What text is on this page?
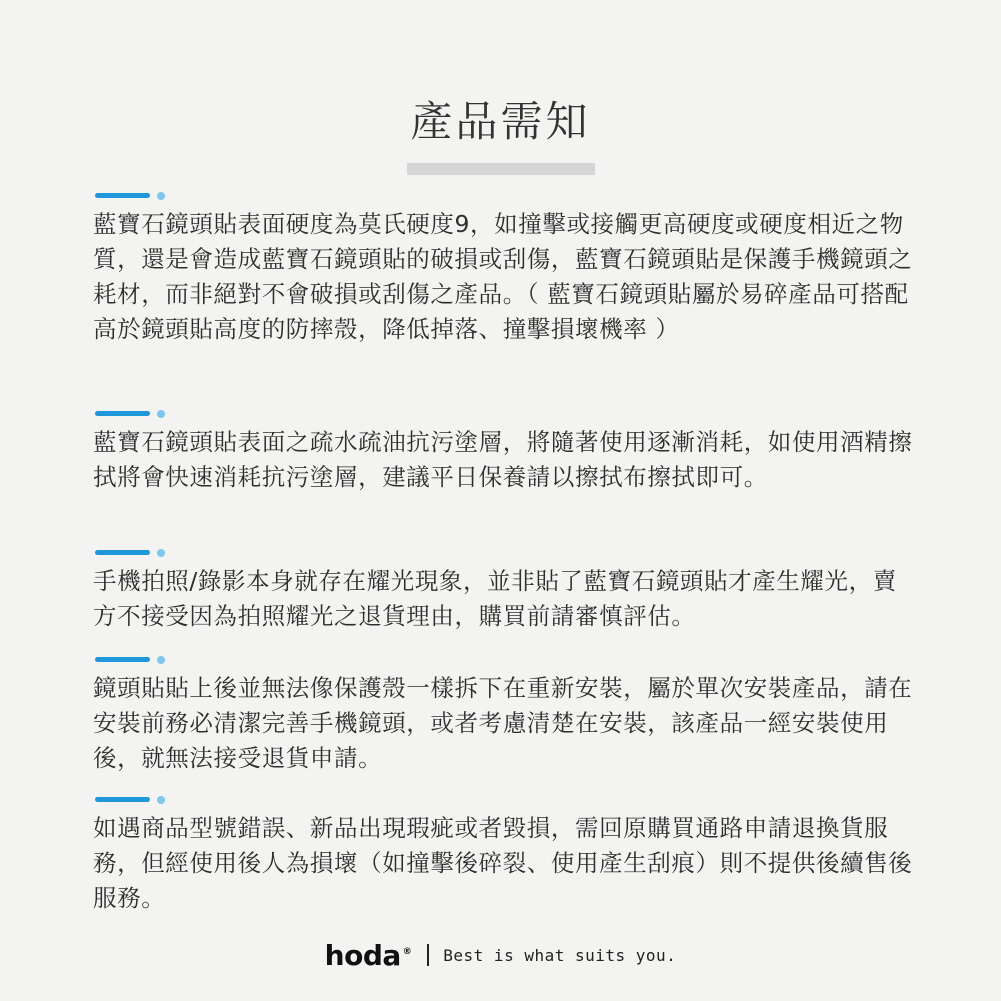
產品需知
藍寶石鏡頭貼表面硬度為莫氏硬度9，如撞擊或接觸更高硬度或硬度相近之物質，還是會造成藍寶石鏡頭貼的破損或刮傷，藍寶石鏡頭貼是保護手機鏡頭之耗材，而非絕對不會破損或刮傷之產品。（ 藍寶石鏡頭貼屬於易碎產品可搭配高於鏡頭貼高度的防摔殼，降低掉落、撞擊損壞機率 ）
藍寶石鏡頭貼表面之疏水疏油抗污塗層，將隨著使用逐漸消耗，如使用酒精擦拭將會快速消耗抗污塗層，建議平日保養請以擦拭布擦拭即可。
手機拍照/錄影本身就存在耀光現象，並非貼了藍寶石鏡頭貼才產生耀光，賣方不接受因為拍照耀光之退貨理由，購買前請審慎評估。
鏡頭貼貼上後並無法像保護殼一樣拆下在重新安裝，屬於單次安裝產品，請在安裝前務必清潔完善手機鏡頭，或者考慮清楚在安裝，該產品一經安裝使用後，就無法接受退貨申請。
如遇商品型號錯誤、新品出現瑕疵或者毀損，需回原購買通路申請退換貨服務，但經使用後人為損壞（如撞擊後碎裂、使用產生刮痕）則不提供後續售後服務。
hoda ® Best is what suits you.
